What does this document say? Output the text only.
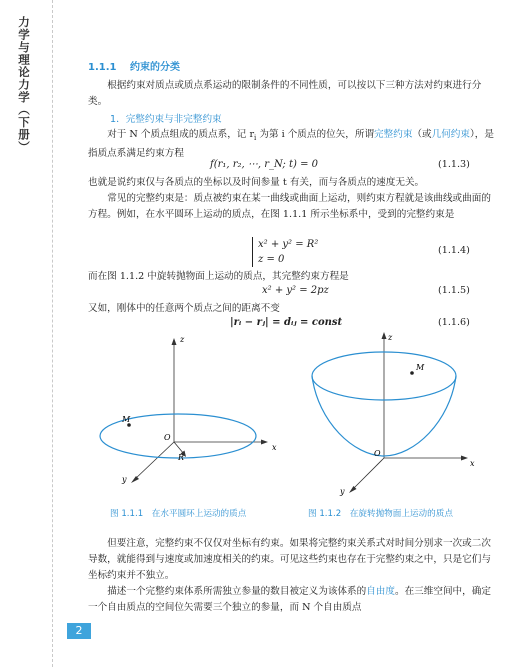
力学与理论力学（下册）	1.1.1 约束的分类
根据约束对质点或质点系运动的限制条件的不同性质，可以按以下三种方法对约束进行分类。
1．完整约束与非完整约束
对于 N 个质点组成的质点系，记 $r_i$ 为第 i 个质点的位矢，所谓完整约束（或几何约束），是指质点系满足约束方程
f(r₁, r₂, ⋯, r_N; t) = 0	(1.1.3)
也就是说约束仅与各质点的坐标以及时间参量 t 有关，而与各质点的速度无关。
常见的完整约束是：质点被约束在某一曲线或曲面上运动，则约束方程就是该曲线或曲面的方程。例如，在水平圆环上运动的质点，在图 1.1.1 所示坐标系中，受到的完整约束是
x² + y² = R²
z = 0
(1.1.4)
而在图 1.1.2 中旋转抛物面上运动的质点，其完整约束方程是
x² + y² = 2pz	(1.1.5)
又如，刚体中的任意两个质点之间的距离不变
|rᵢ − rⱼ| = dᵢⱼ = const	(1.1.6)
z
x
y
O
M
R
图 1.1.1　在水平圆环上运动的质点
z
x
y
O
M
图 1.1.2　在旋转抛物面上运动的质点
但要注意，完整约束不仅仅对坐标有约束。如果将完整约束关系式对时间分别求一次或二次导数，就能得到与速度或加速度相关的约束。可见这些约束也存在于完整约束之中，只是它们与坐标约束并不独立。
描述一个完整约束体系所需独立参量的数目被定义为该体系的自由度。在三维空间中，确定一个自由质点的空间位矢需要三个独立的参量，而 N 个自由质点
2
